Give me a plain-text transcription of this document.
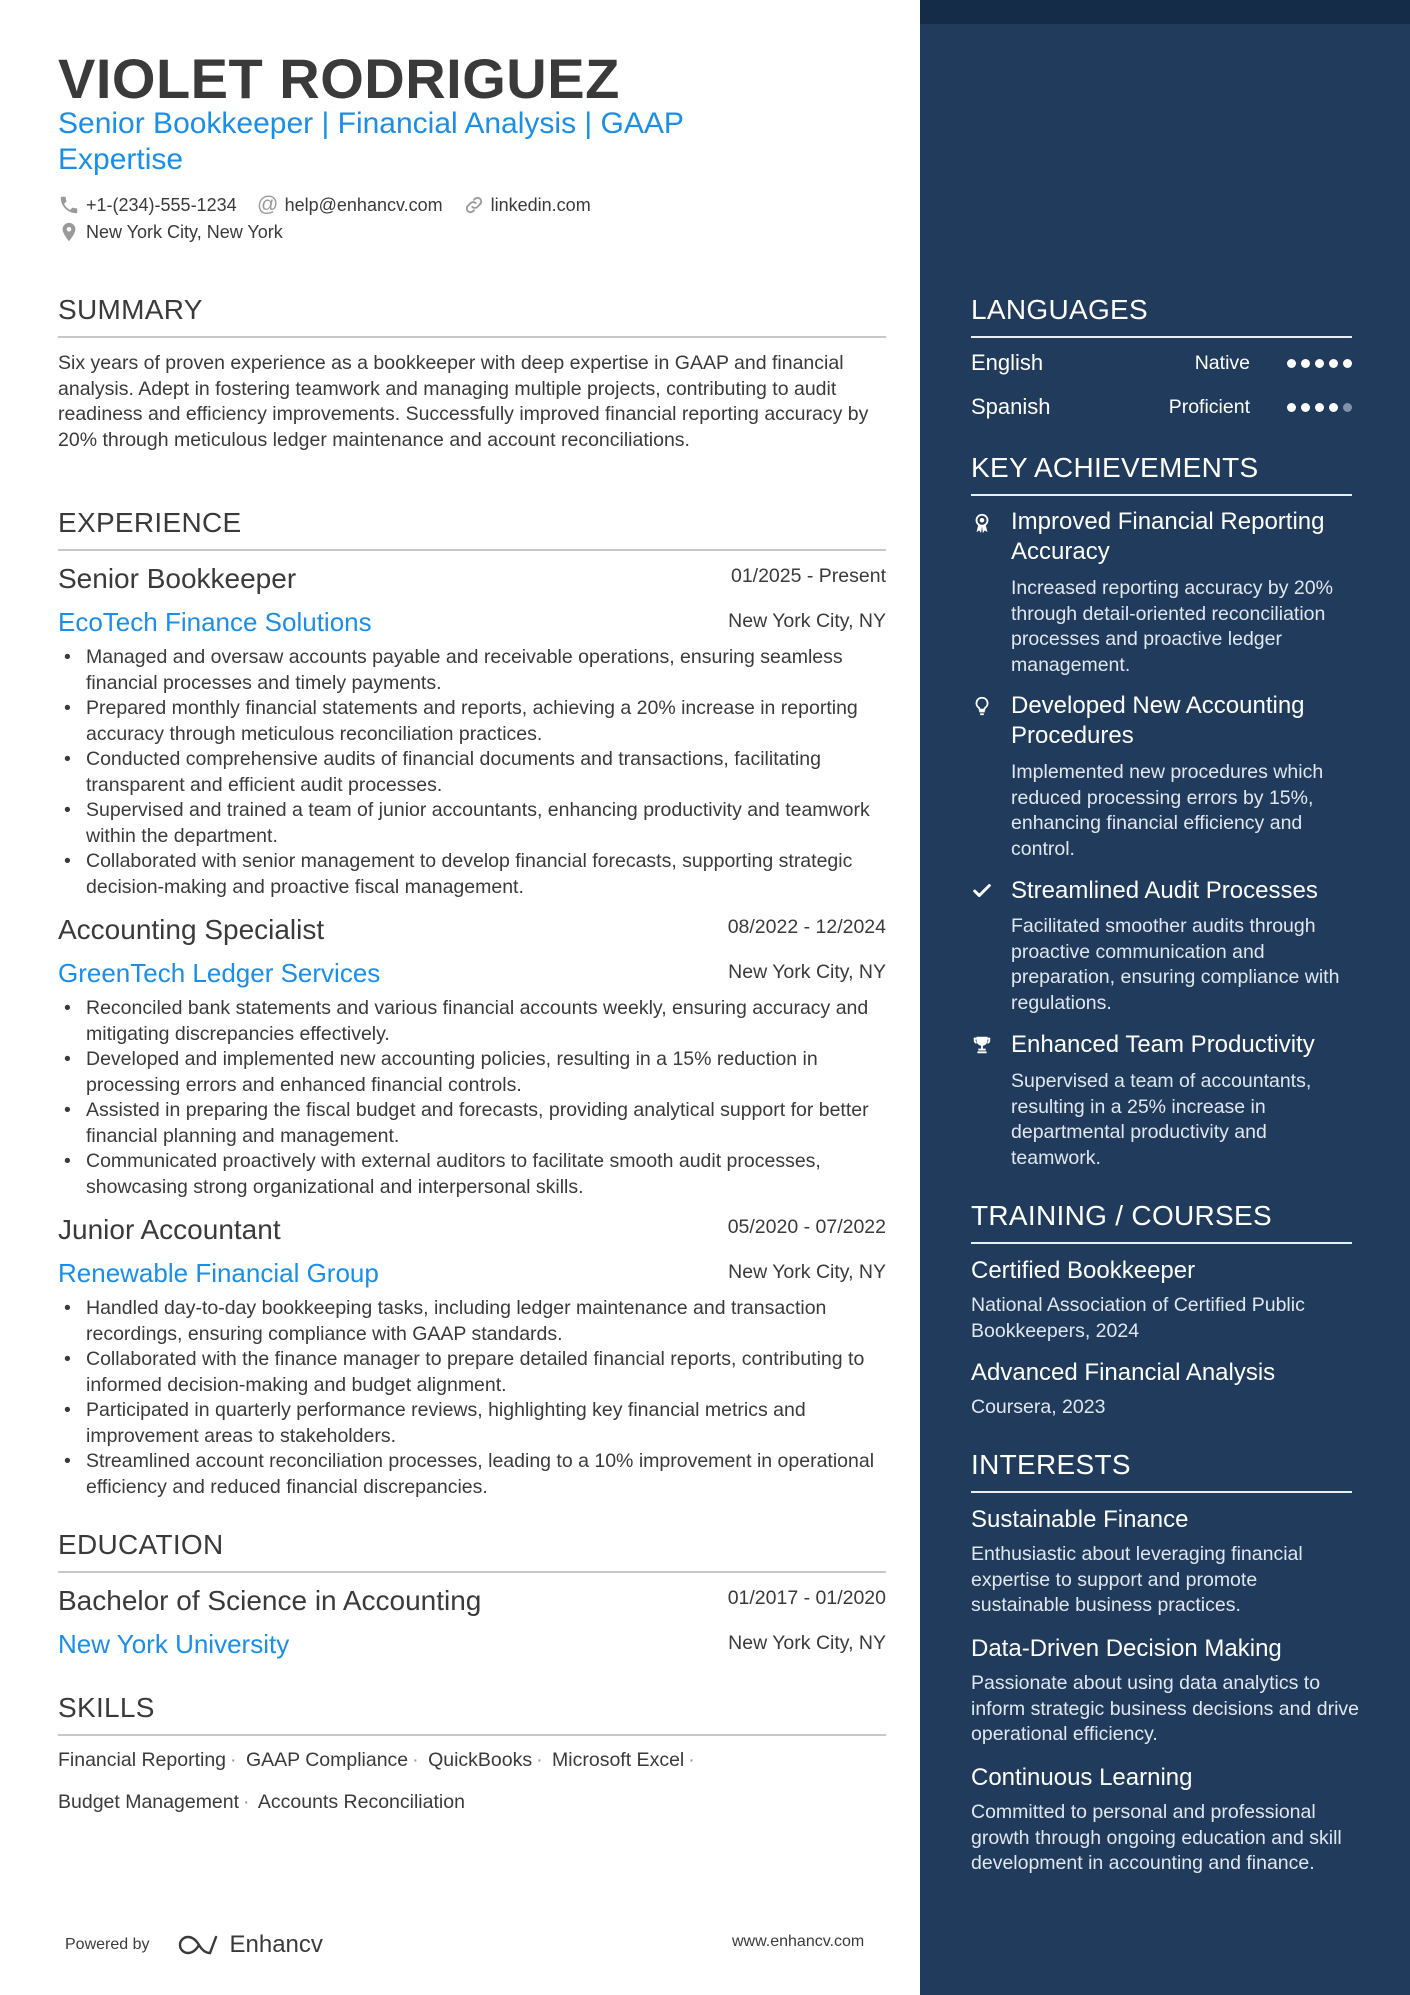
VIOLET RODRIGUEZ
Senior Bookkeeper | Financial Analysis | GAAP Expertise
+1-(234)-555-1234 @ help@enhancv.com	linkedin.com
New York City, New York
SUMMARY
Six years of proven experience as a bookkeeper with deep expertise in GAAP and financial analysis. Adept in fostering teamwork and managing multiple projects, contributing to audit readiness and efficiency improvements. Successfully improved financial reporting accuracy by 20% through meticulous ledger maintenance and account reconciliations.
EXPERIENCE
Senior Bookkeeper	01/2025 - Present
EcoTech Finance Solutions	New York City, NY
• Managed and oversaw accounts payable and receivable operations, ensuring seamless financial processes and timely payments.
• Prepared monthly financial statements and reports, achieving a 20% increase in reporting accuracy through meticulous reconciliation practices.
• Conducted comprehensive audits of financial documents and transactions, facilitating transparent and efficient audit processes.
• Supervised and trained a team of junior accountants, enhancing productivity and teamwork within the department.
• Collaborated with senior management to develop financial forecasts, supporting strategic decision-making and proactive fiscal management.
Accounting Specialist	08/2022 - 12/2024
GreenTech Ledger Services	New York City, NY
• Reconciled bank statements and various financial accounts weekly, ensuring accuracy and mitigating discrepancies effectively.
• Developed and implemented new accounting policies, resulting in a 15% reduction in processing errors and enhanced financial controls.
• Assisted in preparing the fiscal budget and forecasts, providing analytical support for better financial planning and management.
• Communicated proactively with external auditors to facilitate smooth audit processes, showcasing strong organizational and interpersonal skills.
Junior Accountant	05/2020 - 07/2022
Renewable Financial Group	New York City, NY
• Handled day-to-day bookkeeping tasks, including ledger maintenance and transaction recordings, ensuring compliance with GAAP standards.
• Collaborated with the finance manager to prepare detailed financial reports, contributing to informed decision-making and budget alignment.
• Participated in quarterly performance reviews, highlighting key financial metrics and improvement areas to stakeholders.
• Streamlined account reconciliation processes, leading to a 10% improvement in operational efficiency and reduced financial discrepancies.
EDUCATION
Bachelor of Science in Accounting	01/2017 - 01/2020
New York University	New York City, NY
SKILLS
Financial Reporting · GAAP Compliance · QuickBooks · Microsoft Excel ·
Budget Management · Accounts Reconciliation
Powered by	Enhancv	www.enhancv.com
LANGUAGES
English	Native
Spanish	Proficient
KEY ACHIEVEMENTS
Improved Financial Reporting Accuracy
Increased reporting accuracy by 20% through detail-oriented reconciliation processes and proactive ledger management.
Developed New Accounting Procedures
Implemented new procedures which reduced processing errors by 15%, enhancing financial efficiency and control.
Streamlined Audit Processes
Facilitated smoother audits through proactive communication and preparation, ensuring compliance with regulations.
Enhanced Team Productivity
Supervised a team of accountants, resulting in a 25% increase in departmental productivity and teamwork.
TRAINING / COURSES
Certified Bookkeeper
National Association of Certified Public Bookkeepers, 2024
Advanced Financial Analysis
Coursera, 2023
INTERESTS
Sustainable Finance
Enthusiastic about leveraging financial expertise to support and promote sustainable business practices.
Data-Driven Decision Making
Passionate about using data analytics to inform strategic business decisions and drive operational efficiency.
Continuous Learning
Committed to personal and professional growth through ongoing education and skill development in accounting and finance.
